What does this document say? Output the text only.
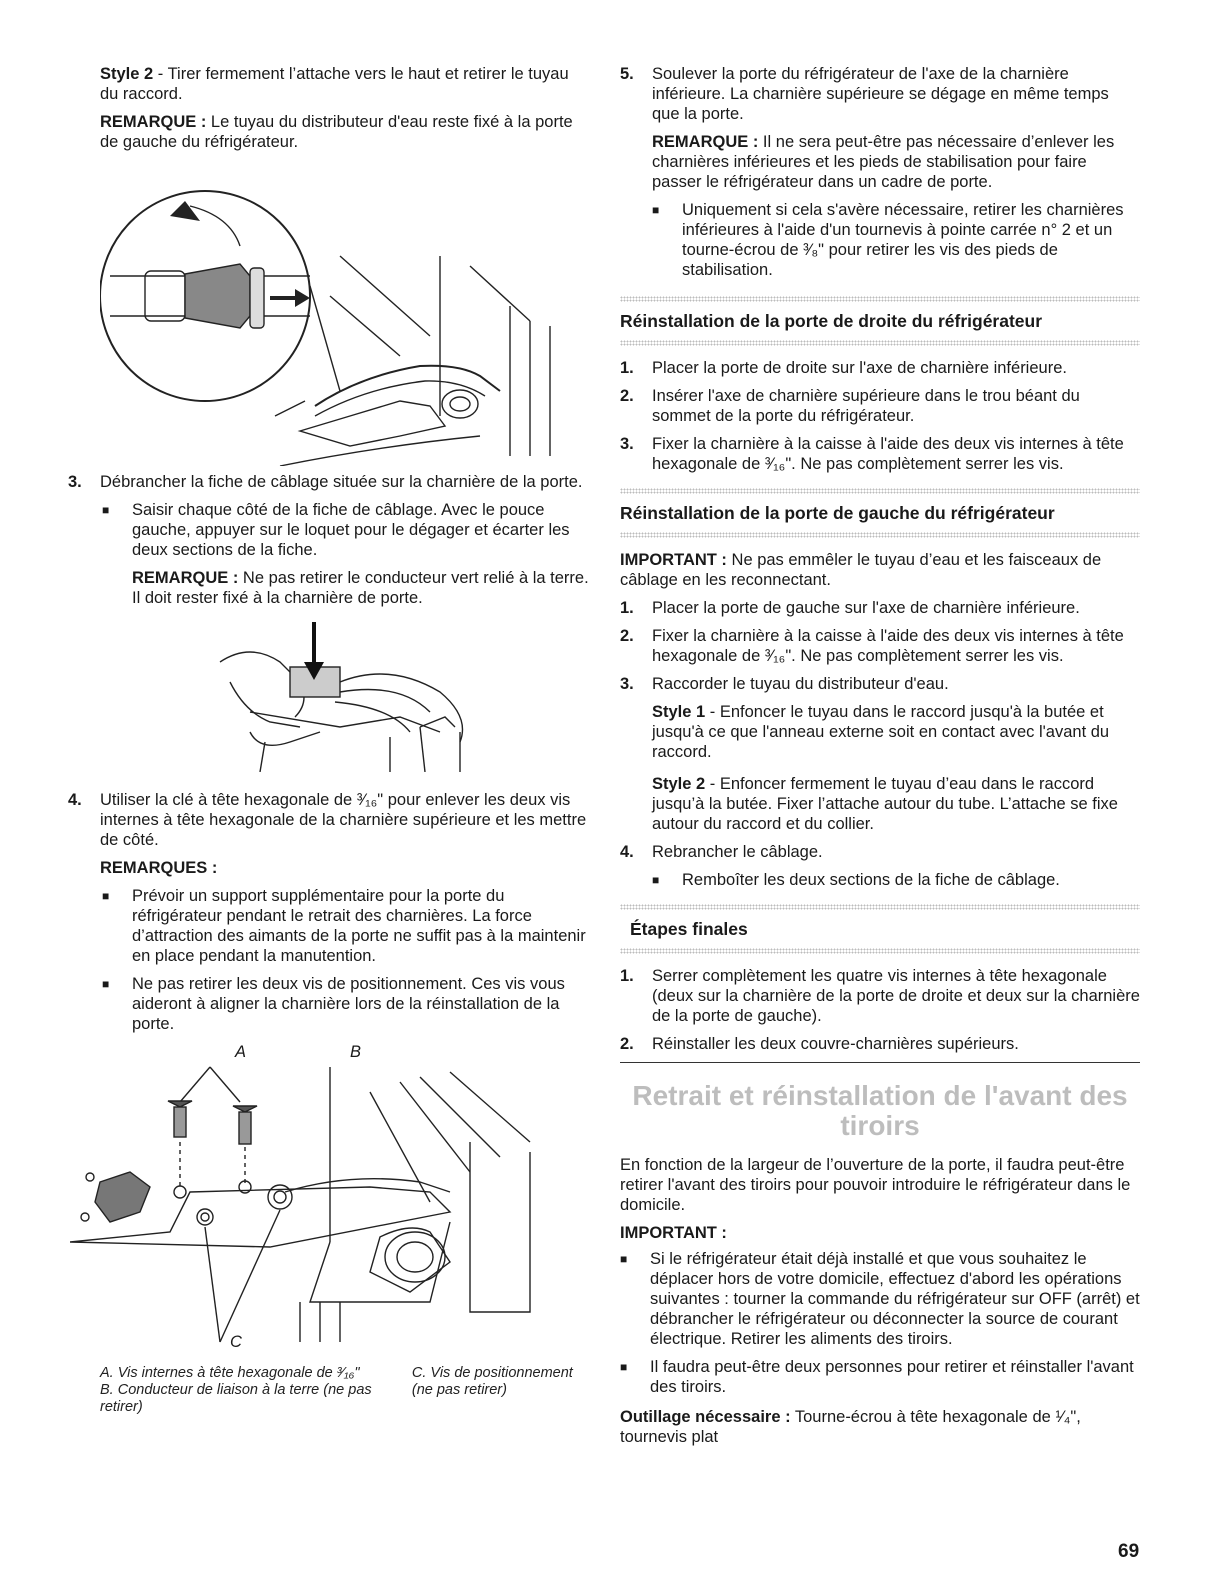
Style 2 - Tirer fermement l’attache vers le haut et retirer le tuyau du raccord.

REMARQUE : Le tuyau du distributeur d'eau reste fixé à la porte de gauche du réfrigérateur.

3.	Débrancher la fiche de câblage située sur la charnière de la porte.
■	Saisir chaque côté de la fiche de câblage. Avec le pouce gauche, appuyer sur le loquet pour le dégager et écarter les deux sections de la fiche.

REMARQUE : Ne pas retirer le conducteur vert relié à la terre. Il doit rester fixé à la charnière de porte.

4.	Utiliser la clé à tête hexagonale de ³⁄₁₆" pour enlever les deux vis internes à tête hexagonale de la charnière supérieure et les mettre de côté.

REMARQUES :

■	Prévoir un support supplémentaire pour la porte du réfrigérateur pendant le retrait des charnières. La force d’attraction des aimants de la porte ne suffit pas à la maintenir en place pendant la manutention.
■	Ne pas retirer les deux vis de positionnement. Ces vis vous aideront à aligner la charnière lors de la réinstallation de la porte.
A	B
C
A. Vis internes à tête hexagonale de ³⁄₁₆"
B. Conducteur de liaison à la terre (ne pas retirer)
C. Vis de positionnement (ne pas retirer)
5.	Soulever la porte du réfrigérateur de l'axe de la charnière inférieure. La charnière supérieure se dégage en même temps que la porte.

REMARQUE : Il ne sera peut-être pas nécessaire d’enlever les charnières inférieures et les pieds de stabilisation pour faire passer le réfrigérateur dans un cadre de porte.

■	Uniquement si cela s'avère nécessaire, retirer les charnières inférieures à l'aide d'un tournevis à pointe carrée n° 2 et un tourne-écrou de ³⁄₈" pour retirer les vis des pieds de stabilisation.
Réinstallation de la porte de droite du réfrigérateur
1.	Placer la porte de droite sur l'axe de charnière inférieure.
2.	Insérer l'axe de charnière supérieure dans le trou béant du sommet de la porte du réfrigérateur.
3.	Fixer la charnière à la caisse à l'aide des deux vis internes à tête hexagonale de ³⁄₁₆". Ne pas complètement serrer les vis.
Réinstallation de la porte de gauche du réfrigérateur

IMPORTANT : Ne pas emmêler le tuyau d’eau et les faisceaux de câblage en les reconnectant.

1.	Placer la porte de gauche sur l'axe de charnière inférieure.
2.	Fixer la charnière à la caisse à l'aide des deux vis internes à tête hexagonale de ³⁄₁₆". Ne pas complètement serrer les vis.
3.	Raccorder le tuyau du distributeur d'eau.

Style 1 - Enfoncer le tuyau dans le raccord jusqu'à la butée et jusqu'à ce que l'anneau externe soit en contact avec l'avant du raccord.

Style 2 - Enfoncer fermement le tuyau d’eau dans le raccord jusqu’à la butée. Fixer l’attache autour du tube. L’attache se fixe autour du raccord et du collier.

4.	Rebrancher le câblage.
■	Remboîter les deux sections de la fiche de câblage.
Étapes finales
1.	Serrer complètement les quatre vis internes à tête hexagonale (deux sur la charnière de la porte de droite et deux sur la charnière de la porte de gauche).
2.	Réinstaller les deux couvre-charnières supérieurs.
Retrait et réinstallation de l'avant des tiroirs

En fonction de la largeur de l’ouverture de la porte, il faudra peut-être retirer l'avant des tiroirs pour pouvoir introduire le réfrigérateur dans le domicile.

IMPORTANT :

■	Si le réfrigérateur était déjà installé et que vous souhaitez le déplacer hors de votre domicile, effectuez d'abord les opérations suivantes : tourner la commande du réfrigérateur sur OFF (arrêt) et débrancher le réfrigérateur ou déconnecter la source de courant électrique. Retirer les aliments des tiroirs.
■	Il faudra peut-être deux personnes pour retirer et réinstaller l'avant des tiroirs.

Outillage nécessaire : Tourne-écrou à tête hexagonale de ¹⁄₄", tournevis plat

69
